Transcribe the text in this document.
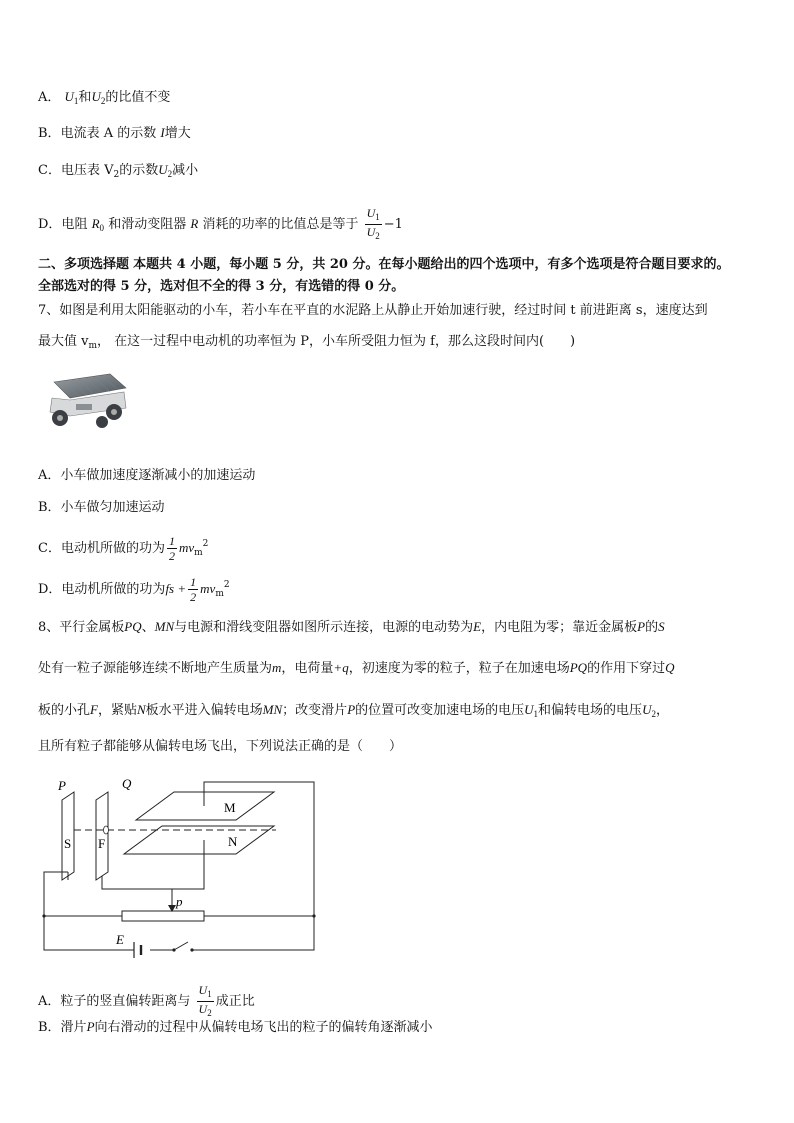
A． $U_1$和$U_2$的比值不变
B．电流表 A 的示数 I增大
C．电压表 $V_2$的示数$U_2$减小
D．电阻 $R_0$ 和滑动变阻器 R 消耗的功率的比值总是等于 $\frac{U_1}{U_2} -1$
二、多项选择题 本题共 4 小题，每小题 5 分，共 20 分。在每小题给出的四个选项中，有多个选项是符合题目要求的。
全部选对的得 5 分，选对但不全的得 3 分，有选错的得 0 分。
7、如图是利用太阳能驱动的小车，若小车在平直的水泥路上从静止开始加速行驶，经过时间 t 前进距离 s，速度达到
最大值 $v_m$， 在这一过程中电动机的功率恒为 P，小车所受阻力恒为 f，那么这段时间内(　　)
A．小车做加速度逐渐减小的加速运动
B．小车做匀加速运动
C．电动机所做的功为 $\frac{1}{2} mv_m^2$
D．电动机所做的功为fs + $\frac{1}{2} mv_m^2$
8、平行金属板PQ、MN与电源和滑线变阻器如图所示连接，电源的电动势为E，内电阻为零；靠近金属板P的S
处有一粒子源能够连续不断地产生质量为m，电荷量+q，初速度为零的粒子，粒子在加速电场PQ的作用下穿过Q
板的小孔F，紧贴N板水平进入偏转电场MN；改变滑片P的位置可改变加速电场的电压$U_1$和偏转电场的电压$U_2$，
且所有粒子都能够从偏转电场飞出，下列说法正确的是（　　）
P	Q
M
N
S F
p
E
A．粒子的竖直偏转距离与 $\frac{U_1}{U_2}$ 成正比
B．滑片P向右滑动的过程中从偏转电场飞出的粒子的偏转角逐渐减小
